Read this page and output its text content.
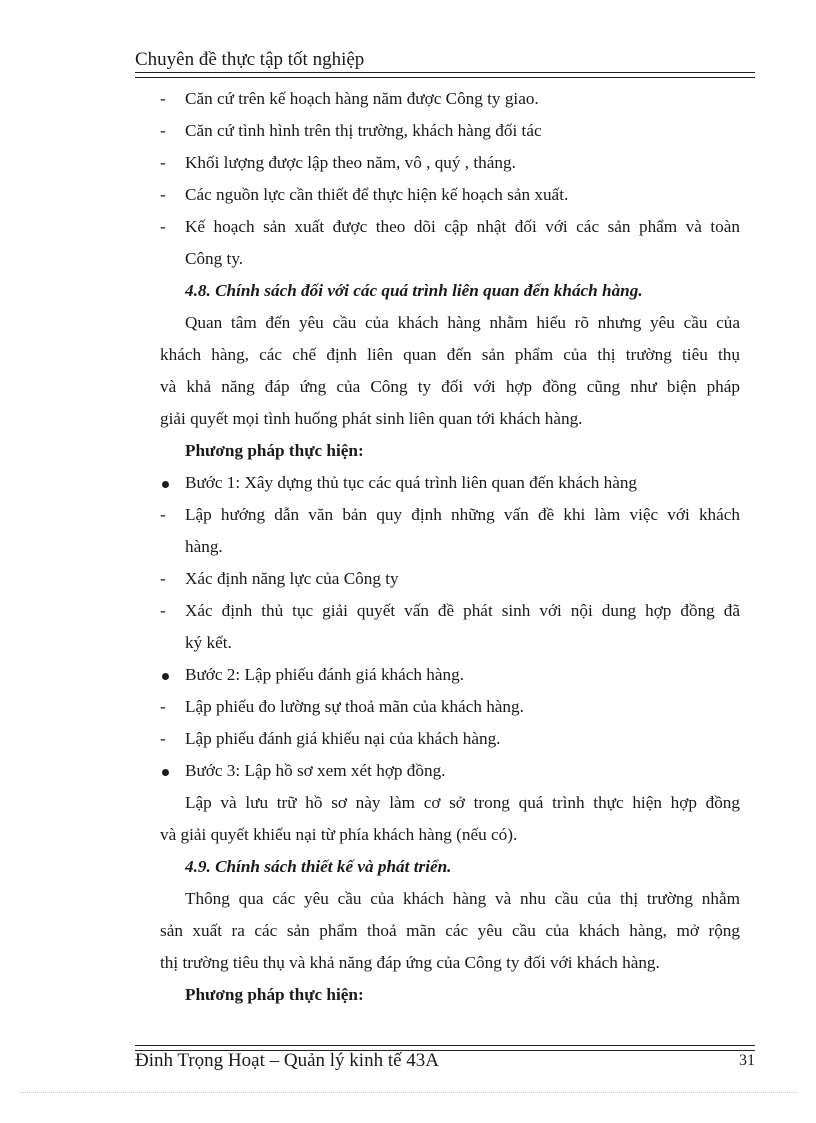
Chuyên đề thực tập tốt nghiệp
-	Căn cứ trên kế hoạch hàng năm được Công ty giao.
-	Căn cứ tình hình trên thị trường, khách hàng đối tác
-	Khối lượng được lập theo năm, vô , quý , tháng.
-	Các nguồn lực cần thiết để thực hiện kế hoạch sản xuất.
-	Kế hoạch sản xuất được theo dõi cập nhật đối với các sản phẩm và toàn
Công ty.
4.8. Chính sách đối với các quá trình liên quan đến khách hàng.
Quan tâm đến yêu cầu của khách hàng nhằm hiểu rõ nhưng yêu cầu của
khách hàng, các chế định liên quan đến sản phẩm của thị trường tiêu thụ
và khả năng đáp ứng của Công ty đối với hợp đồng cũng như biện pháp
giải quyết mọi tình huống phát sinh liên quan tới khách hàng.
Phương pháp thực hiện:
Bước 1: Xây dựng thủ tục các quá trình liên quan đến khách hàng
-	Lập hướng dẫn văn bản quy định những vấn đề khi làm việc với khách
hàng.
-	Xác định năng lực của Công ty
-	Xác định thủ tục giải quyết vấn đề phát sinh với nội dung hợp đồng đã
ký kết.
Bước 2: Lập phiếu đánh giá khách hàng.
-	Lập phiếu đo lường sự thoả mãn của khách hàng.
-	Lập phiếu đánh giá khiếu nại của khách hàng.
Bước 3: Lập hồ sơ xem xét hợp đồng.
Lập và lưu trữ hồ sơ này làm cơ sở trong quá trình thực hiện hợp đồng
và giải quyết khiếu nại từ phía khách hàng (nếu có).
4.9. Chính sách thiết kế và phát triển.
Thông qua các yêu cầu của khách hàng và nhu cầu của thị trường nhằm
sản xuất ra các sản phẩm thoả mãn các yêu cầu của khách hàng, mở rộng
thị trường tiêu thụ và khả năng đáp ứng của Công ty đối với khách hàng.
Phương pháp thực hiện:
Đinh Trọng Hoạt – Quản lý kinh tế 43A	31
